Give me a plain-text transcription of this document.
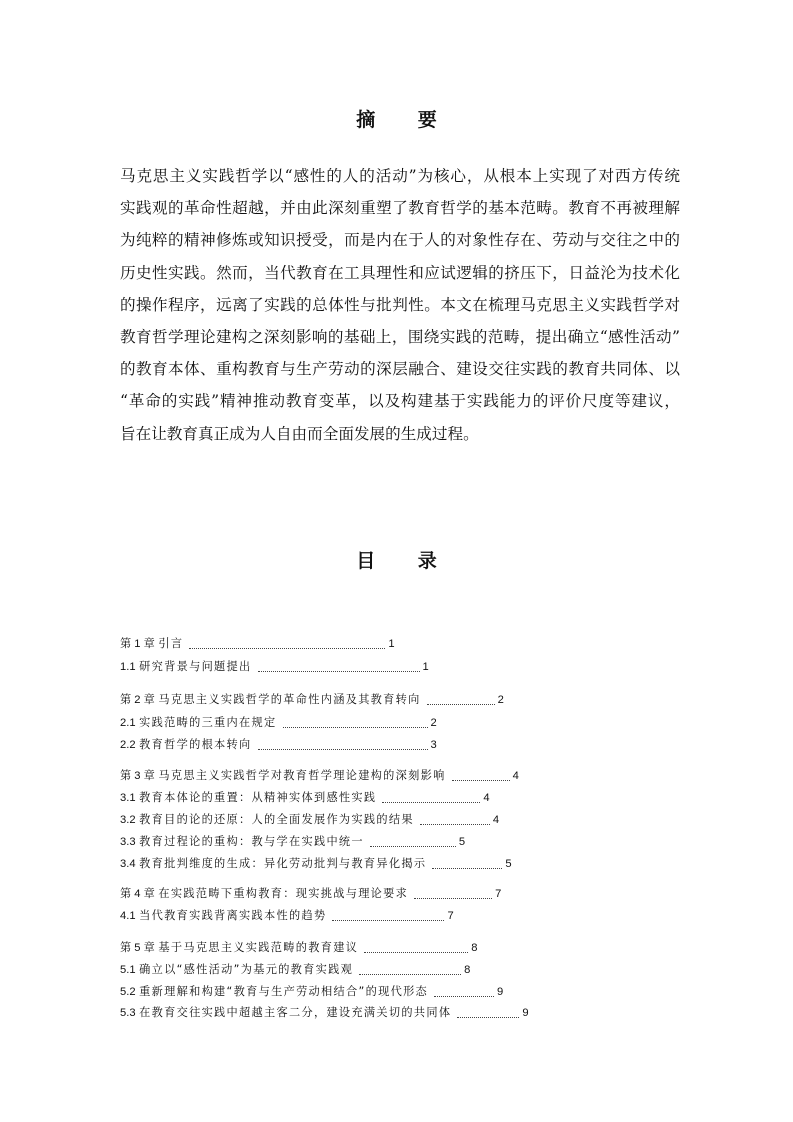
摘 要
马克思主义实践哲学以“感性的人的活动”为核心，从根本上实现了对西方传统
实践观的革命性超越，并由此深刻重塑了教育哲学的基本范畴。教育不再被理解
为纯粹的精神修炼或知识授受，而是内在于人的对象性存在、劳动与交往之中的
历史性实践。然而，当代教育在工具理性和应试逻辑的挤压下，日益沦为技术化
的操作程序，远离了实践的总体性与批判性。本文在梳理马克思主义实践哲学对
教育哲学理论建构之深刻影响的基础上，围绕实践的范畴，提出确立“感性活动”
的教育本体、重构教育与生产劳动的深层融合、建设交往实践的教育共同体、以
“革命的实践”精神推动教育变革，以及构建基于实践能力的评价尺度等建议，
旨在让教育真正成为人自由而全面发展的生成过程。
目 录
第 1 章 引言	1
1.1 研究背景与问题提出	1
第 2 章 马克思主义实践哲学的革命性内涵及其教育转向	2
2.1 实践范畴的三重内在规定	2
2.2 教育哲学的根本转向	3
第 3 章 马克思主义实践哲学对教育哲学理论建构的深刻影响	4
3.1 教育本体论的重置：从精神实体到感性实践	4
3.2 教育目的论的还原：人的全面发展作为实践的结果	4
3.3 教育过程论的重构：教与学在实践中统一	5
3.4 教育批判维度的生成：异化劳动批判与教育异化揭示	5
第 4 章 在实践范畴下重构教育：现实挑战与理论要求	7
4.1 当代教育实践背离实践本性的趋势	7
第 5 章 基于马克思主义实践范畴的教育建议	8
5.1 确立以“感性活动”为基元的教育实践观	8
5.2 重新理解和构建“教育与生产劳动相结合”的现代形态	9
5.3 在教育交往实践中超越主客二分，建设充满关切的共同体	9
